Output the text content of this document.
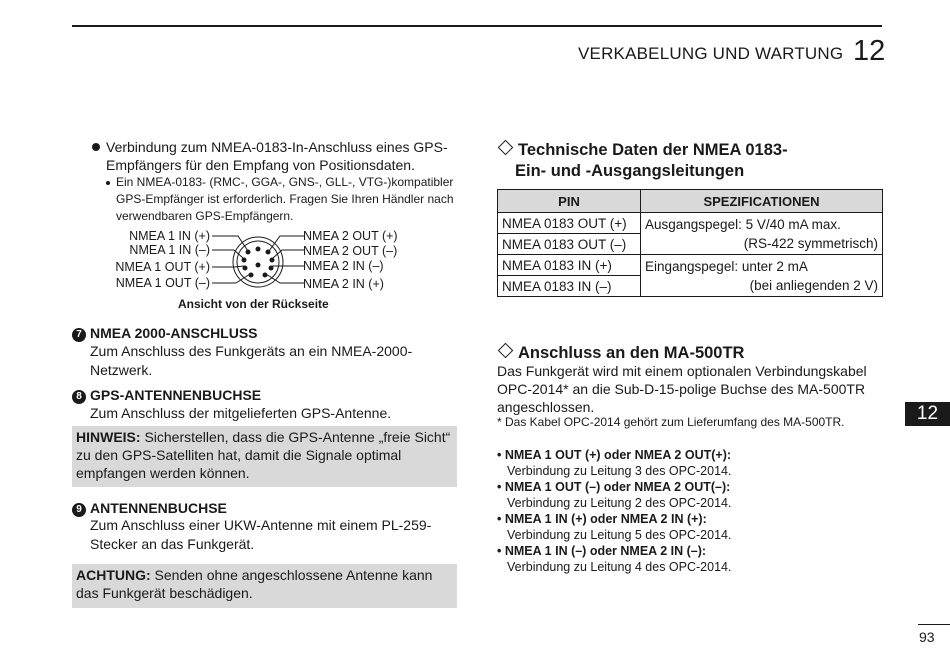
VERKABELUNG UND WARTUNG 12
Verbindung zum NMEA-0183-In-Anschluss eines GPS-Empfängers für den Empfang von Positionsdaten.
Ein NMEA-0183- (RMC-, GGA-, GNS-, GLL-, VTG-)kompatibler GPS-Empfänger ist erforderlich. Fragen Sie Ihren Händler nach verwendbaren GPS-Empfängern.
NMEA 1 IN (+)
NMEA 1 IN (–)
NMEA 1 OUT (+)
NMEA 1 OUT (–)
NMEA 2 OUT (+)
NMEA 2 OUT (–)
NMEA 2 IN (–)
NMEA 2 IN (+)
Ansicht von der Rückseite
7 NMEA 2000-ANSCHLUSS
Zum Anschluss des Funkgeräts an ein NMEA-2000-Netzwerk.
8 GPS-ANTENNENBUCHSE
Zum Anschluss der mitgelieferten GPS-Antenne.
HINWEIS: Sicherstellen, dass die GPS-Antenne „freie Sicht“ zu den GPS-Satelliten hat, damit die Signale optimal empfangen werden können.
9 ANTENNENBUCHSE
Zum Anschluss einer UKW-Antenne mit einem PL-259-Stecker an das Funkgerät.
ACHTUNG: Senden ohne angeschlossene Antenne kann das Funkgerät beschädigen.
Technische Daten der NMEA 0183-
Ein- und -Ausgangsleitungen
PIN	SPEZIFICATIONEN
NMEA 0183 OUT (+)	Ausgangspegel: 5 V/40 mA max.
(RS-422 symmetrisch)

NMEA 0183 OUT (–)	
NMEA 0183 IN (+)	Eingangspegel: unter 2 mA
(bei anliegenden 2 V)

NMEA 0183 IN (–)	
Anschluss an den MA-500TR
Das Funkgerät wird mit einem optionalen Verbindungskabel OPC-2014* an die Sub-D-15-polige Buchse des MA-500TR angeschlossen.
* Das Kabel OPC-2014 gehört zum Lieferumfang des MA-500TR.
• NMEA 1 OUT (+) oder NMEA 2 OUT(+):
Verbindung zu Leitung 3 des OPC-2014.
• NMEA 1 OUT (–) oder NMEA 2 OUT(–):
Verbindung zu Leitung 2 des OPC-2014.
• NMEA 1 IN (+) oder NMEA 2 IN (+):
Verbindung zu Leitung 5 des OPC-2014.
• NMEA 1 IN (–) oder NMEA 2 IN (–):
Verbindung zu Leitung 4 des OPC-2014.
12
93
